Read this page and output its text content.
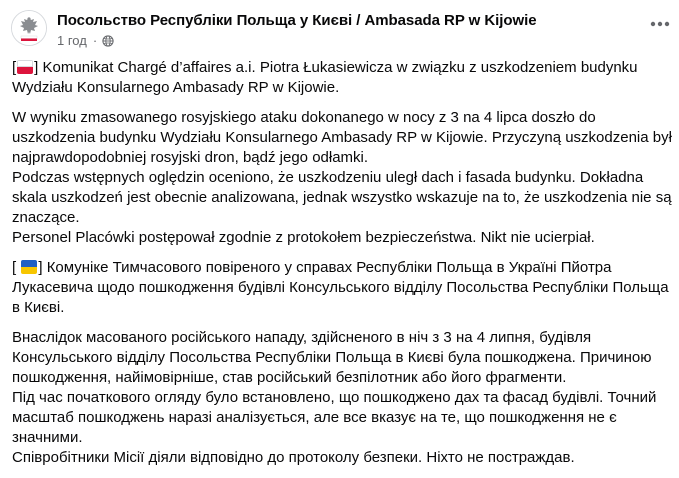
Посольство Республіки Польща у Києві / Ambasada RP w Kijowie
1 год ·
[ ] Komunikat Chargé d’affaires a.i. Piotra Łukasiewicza w związku z uszkodzeniem budynku
Wydziału Konsularnego Ambasady RP w Kijowie.
W wyniku zmasowanego rosyjskiego ataku dokonanego w nocy z 3 na 4 lipca doszło do
uszkodzenia budynku Wydziału Konsularnego Ambasady RP w Kijowie. Przyczyną uszkodzenia był
najprawdopodobniej rosyjski dron, bądź jego odłamki.
Podczas wstępnych oględzin oceniono, że uszkodzeniu uległ dach i fasada budynku. Dokładna
skala uszkodzeń jest obecnie analizowana, jednak wszystko wskazuje na to, że uszkodzenia nie są
znaczące.
Personel Placówki postępował zgodnie z protokołem bezpieczeństwa. Nikt nie ucierpiał.
[
] Комуніке Тимчасового повіреного у справах Республіки Польща в Україні Пйотра
Лукасевича щодо пошкодження будівлі Консульського відділу Посольства Республіки Польща
в Києві.
Внаслідок масованого російського нападу, здійсненого в ніч з 3 на 4 липня, будівля
Консульського відділу Посольства Республіки Польща в Києві була пошкоджена. Причиною
пошкодження, найімовірніше, став російський безпілотник або його фрагменти.
Під час початкового огляду було встановлено, що пошкоджено дах та фасад будівлі. Точний
масштаб пошкоджень наразі аналізується, але все вказує на те, що пошкодження не є
значними.
Співробітники Місії діяли відповідно до протоколу безпеки. Ніхто не постраждав.
